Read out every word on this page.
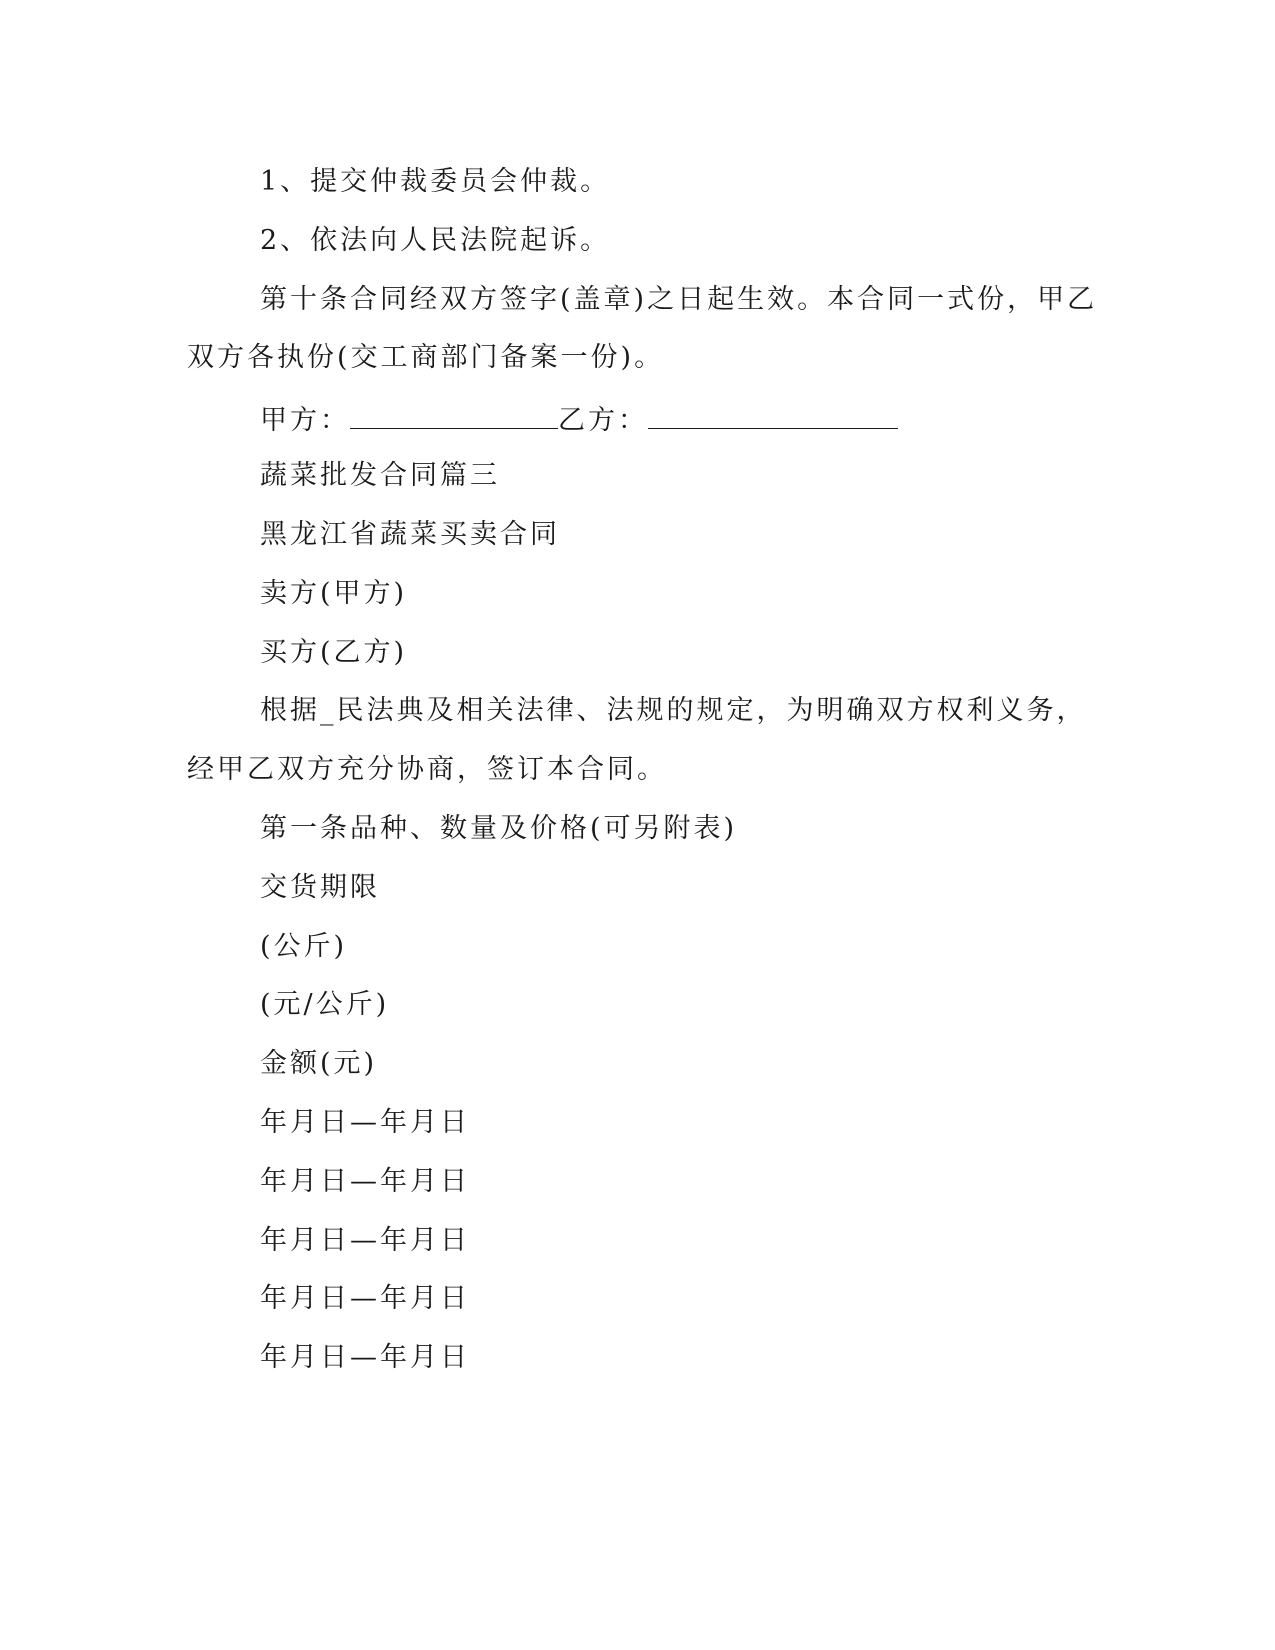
1、提交仲裁委员会仲裁。
2、依法向人民法院起诉。
第十条合同经双方签字(盖章)之日起生效。本合同一式份，甲乙
双方各执份(交工商部门备案一份)。
甲方：	乙方：
蔬菜批发合同篇三
黑龙江省蔬菜买卖合同
卖方(甲方)
买方(乙方)
根据_民法典及相关法律、法规的规定，为明确双方权利义务，
经甲乙双方充分协商，签订本合同。
第一条品种、数量及价格(可另附表)
交货期限
(公斤)
(元/公斤)
金额(元)
年月日—年月日
年月日—年月日
年月日—年月日
年月日—年月日
年月日—年月日
